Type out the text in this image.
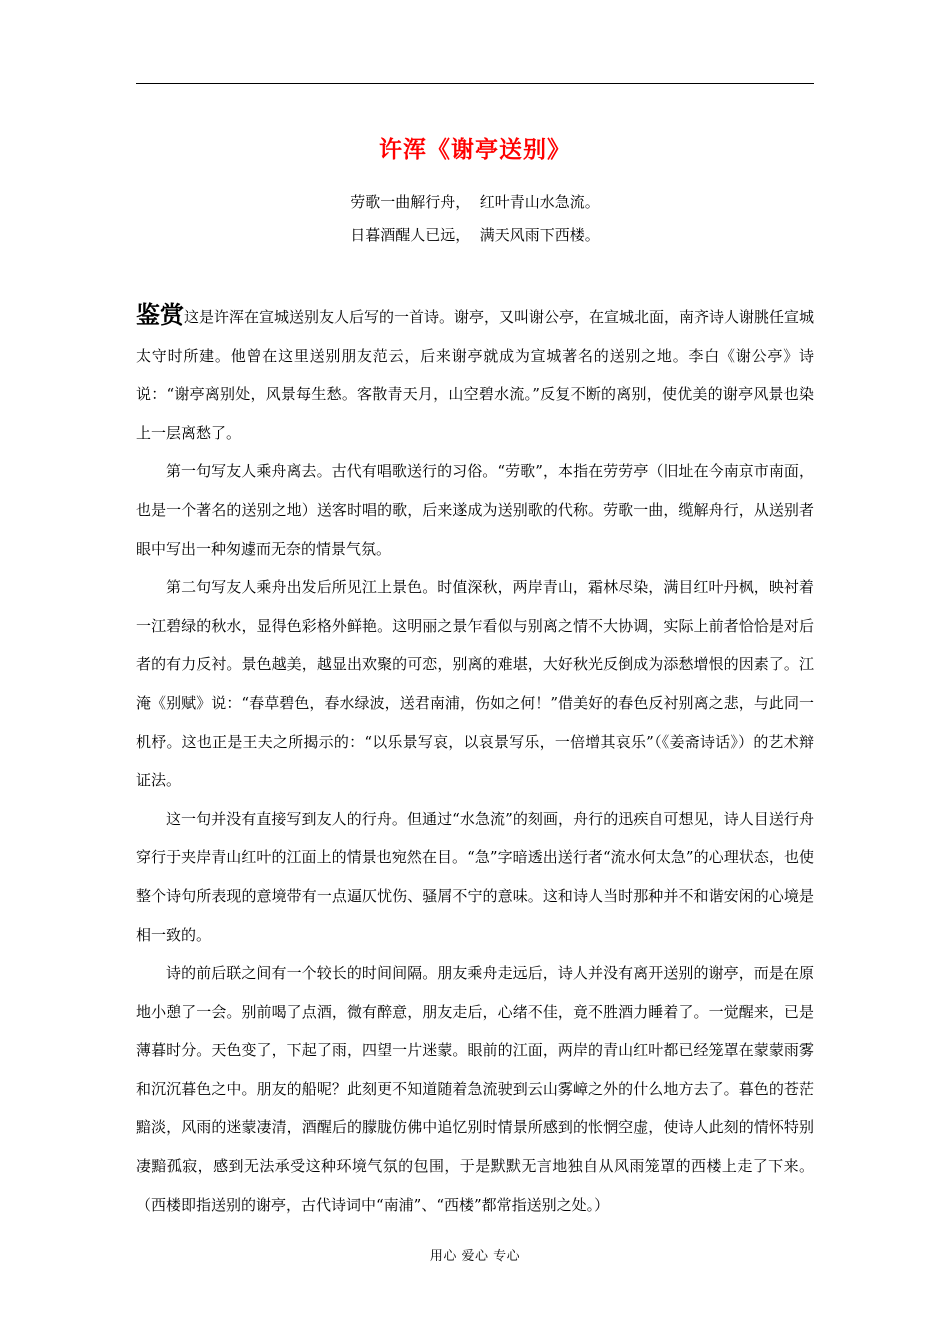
许浑《谢亭送别》
劳歌一曲解行舟，  红叶青山水急流。
日暮酒醒人已远，  满天风雨下西楼。

鉴赏这是许浑在宣城送别友人后写的一首诗。谢亭，又叫谢公亭，在宣城北面，南齐诗人谢朓任宣城太守时所建。他曾在这里送别朋友范云，后来谢亭就成为宣城著名的送别之地。李白《谢公亭》诗说：“谢亭离别处，风景每生愁。客散青天月，山空碧水流。”反复不断的离别，使优美的谢亭风景也染上一层离愁了。

第一句写友人乘舟离去。古代有唱歌送行的习俗。“劳歌”，本指在劳劳亭（旧址在今南京市南面，也是一个著名的送别之地）送客时唱的歌，后来遂成为送别歌的代称。劳歌一曲，缆解舟行，从送别者眼中写出一种匆遽而无奈的情景气氛。

第二句写友人乘舟出发后所见江上景色。时值深秋，两岸青山，霜林尽染，满目红叶丹枫，映衬着一江碧绿的秋水，显得色彩格外鲜艳。这明丽之景乍看似与别离之情不大协调，实际上前者恰恰是对后者的有力反衬。景色越美，越显出欢聚的可恋，别离的难堪，大好秋光反倒成为添愁增恨的因素了。江淹《别赋》说：“春草碧色，春水绿波，送君南浦，伤如之何！”借美好的春色反衬别离之悲，与此同一机杼。这也正是王夫之所揭示的：“以乐景写哀，以哀景写乐，一倍增其哀乐”（《姜斋诗话》）的艺术辩证法。

这一句并没有直接写到友人的行舟。但通过“水急流”的刻画，舟行的迅疾自可想见，诗人目送行舟穿行于夹岸青山红叶的江面上的情景也宛然在目。“急”字暗透出送行者“流水何太急”的心理状态，也使整个诗句所表现的意境带有一点逼仄忧伤、骚屑不宁的意味。这和诗人当时那种并不和谐安闲的心境是相一致的。

诗的前后联之间有一个较长的时间间隔。朋友乘舟走远后，诗人并没有离开送别的谢亭，而是在原地小憩了一会。别前喝了点酒，微有醉意，朋友走后，心绪不佳，竟不胜酒力睡着了。一觉醒来，已是薄暮时分。天色变了，下起了雨，四望一片迷蒙。眼前的江面，两岸的青山红叶都已经笼罩在蒙蒙雨雾和沉沉暮色之中。朋友的船呢？此刻更不知道随着急流驶到云山雾嶂之外的什么地方去了。暮色的苍茫黯淡，风雨的迷蒙凄清，酒醒后的朦胧仿佛中追忆别时情景所感到的怅惘空虚，使诗人此刻的情怀特别凄黯孤寂，感到无法承受这种环境气氛的包围，于是默默无言地独自从风雨笼罩的西楼上走了下来。（西楼即指送别的谢亭，古代诗词中“南浦”、“西楼”都常指送别之处。）

用心 爱心 专心
